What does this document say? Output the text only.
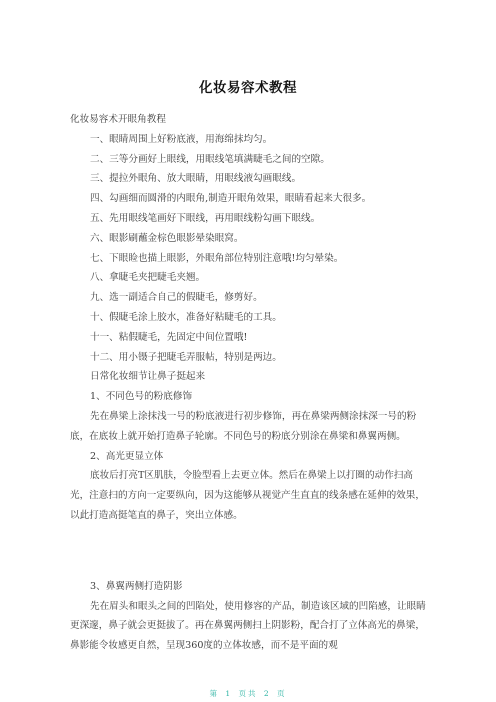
化妆易容术教程

化妆易容术开眼角教程

一、眼睛周围上好粉底液，用海绵抹均匀。

二、三等分画好上眼线，用眼线笔填满睫毛之间的空隙。

三、提拉外眼角、放大眼睛，用眼线液勾画眼线。

四、勾画细而圆滑的内眼角,制造开眼角效果，眼睛看起来大很多。

五、先用眼线笔画好下眼线，再用眼线粉勾画下眼线。

六、眼影刷蘸金棕色眼影晕染眼窝。

七、下眼睑也描上眼影，外眼角部位特别注意哦!均匀晕染。

八、拿睫毛夹把睫毛夹翘。

九、选一副适合自己的假睫毛，修剪好。

十、假睫毛涂上胶水，准备好粘睫毛的工具。

十一、粘假睫毛，先固定中间位置哦!

十二、用小镊子把睫毛弄服帖，特别是两边。

日常化妆细节让鼻子挺起来

1、不同色号的粉底修饰

先在鼻梁上涂抹浅一号的粉底液进行初步修饰，再在鼻梁两侧涂抹深一号的粉底，在底妆上就开始打造鼻子轮廓。不同色号的粉底分别涂在鼻梁和鼻翼两侧。

2、高光更显立体

底妆后打亮T区肌肤，令脸型看上去更立体。然后在鼻梁上以打圈的动作扫高光，注意扫的方向一定要纵向，因为这能够从视觉产生直直的线条感在延伸的效果，以此打造高挺笔直的鼻子，突出立体感。

3、鼻翼两侧打造阴影

先在眉头和眼头之间的凹陷处，使用修容的产品，制造该区域的凹陷感，让眼睛更深邃，鼻子就会更挺拔了。再在鼻翼两侧扫上阴影粉，配合打了立体高光的鼻梁，鼻影能令妆感更自然，呈现360度的立体妆感，而不是平面的观

第 1 页共 2 页
